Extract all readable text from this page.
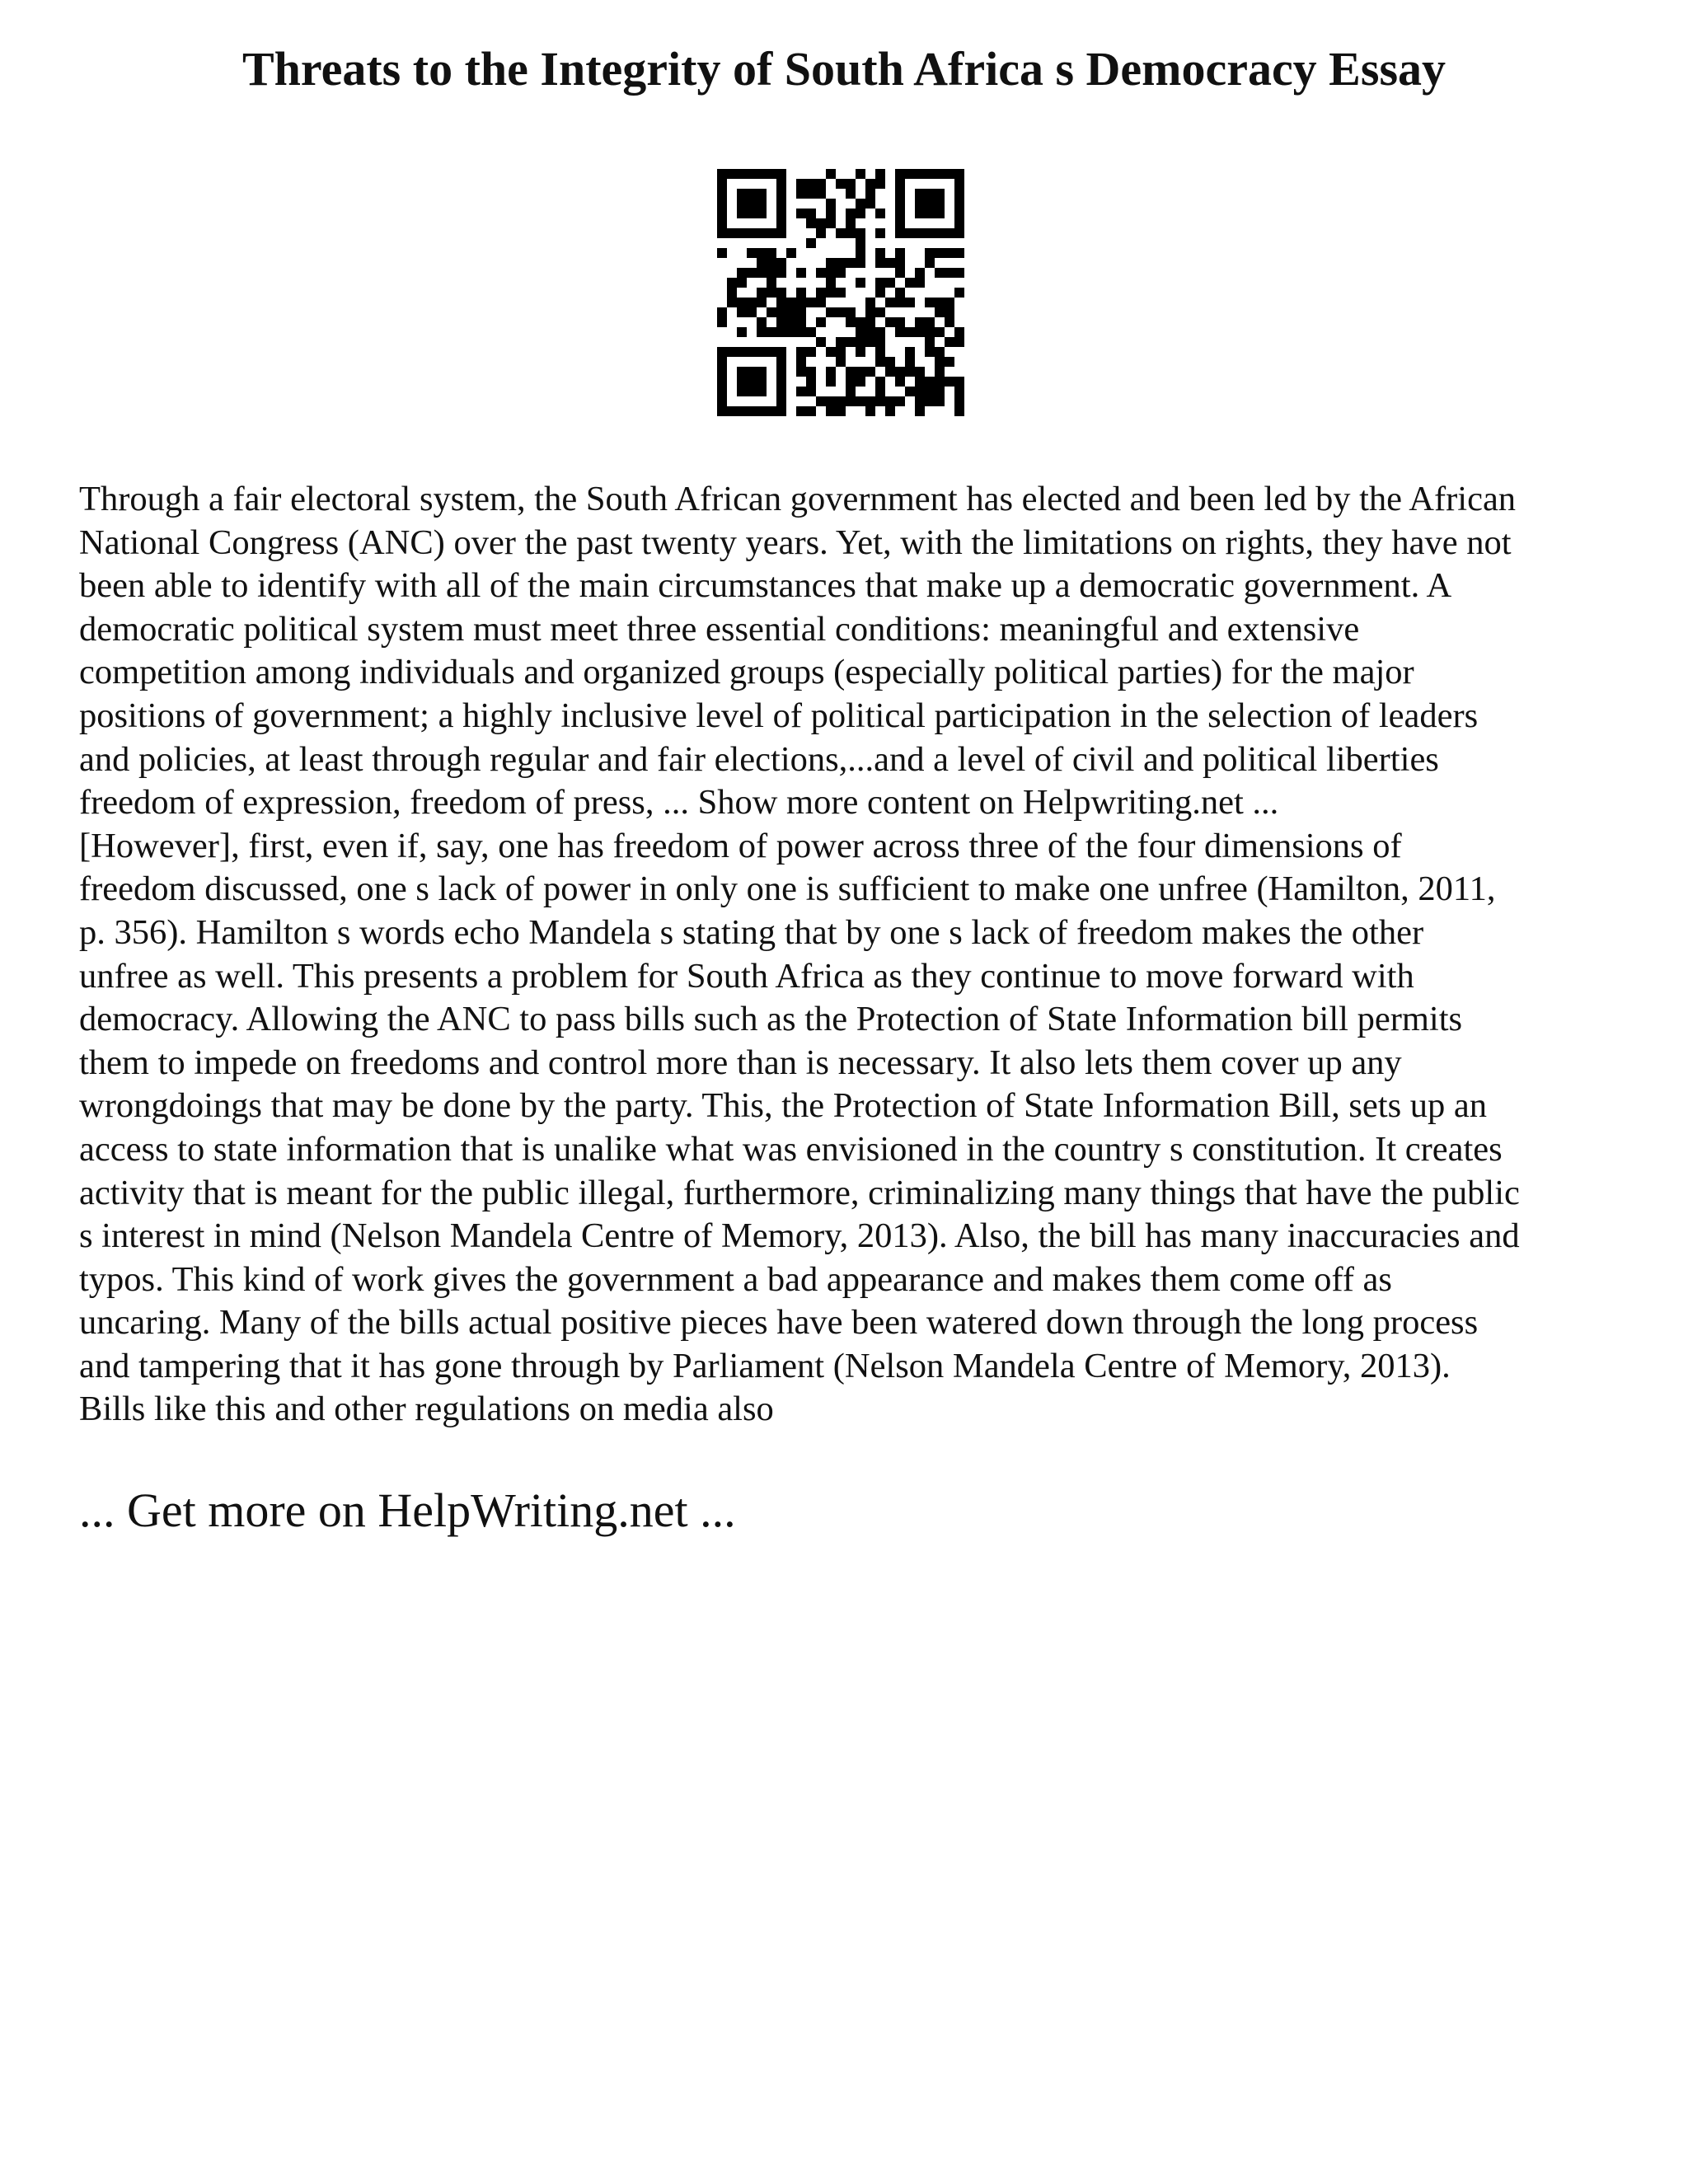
Threats to the Integrity of South Africa s Democracy Essay
Through a fair electoral system, the South African government has elected and been led by the African
National Congress (ANC) over the past twenty years. Yet, with the limitations on rights, they have not
been able to identify with all of the main circumstances that make up a democratic government. A
democratic political system must meet three essential conditions: meaningful and extensive
competition among individuals and organized groups (especially political parties) for the major
positions of government; a highly inclusive level of political participation in the selection of leaders
and policies, at least through regular and fair elections,...and a level of civil and political liberties
freedom of expression, freedom of press, ... Show more content on Helpwriting.net ...
[However], first, even if, say, one has freedom of power across three of the four dimensions of
freedom discussed, one s lack of power in only one is sufficient to make one unfree (Hamilton, 2011,
p. 356). Hamilton s words echo Mandela s stating that by one s lack of freedom makes the other
unfree as well. This presents a problem for South Africa as they continue to move forward with
democracy. Allowing the ANC to pass bills such as the Protection of State Information bill permits
them to impede on freedoms and control more than is necessary. It also lets them cover up any
wrongdoings that may be done by the party. This, the Protection of State Information Bill, sets up an
access to state information that is unalike what was envisioned in the country s constitution. It creates
activity that is meant for the public illegal, furthermore, criminalizing many things that have the public
s interest in mind (Nelson Mandela Centre of Memory, 2013). Also, the bill has many inaccuracies and
typos. This kind of work gives the government a bad appearance and makes them come off as
uncaring. Many of the bills actual positive pieces have been watered down through the long process
and tampering that it has gone through by Parliament (Nelson Mandela Centre of Memory, 2013).
Bills like this and other regulations on media also

... Get more on HelpWriting.net ...
